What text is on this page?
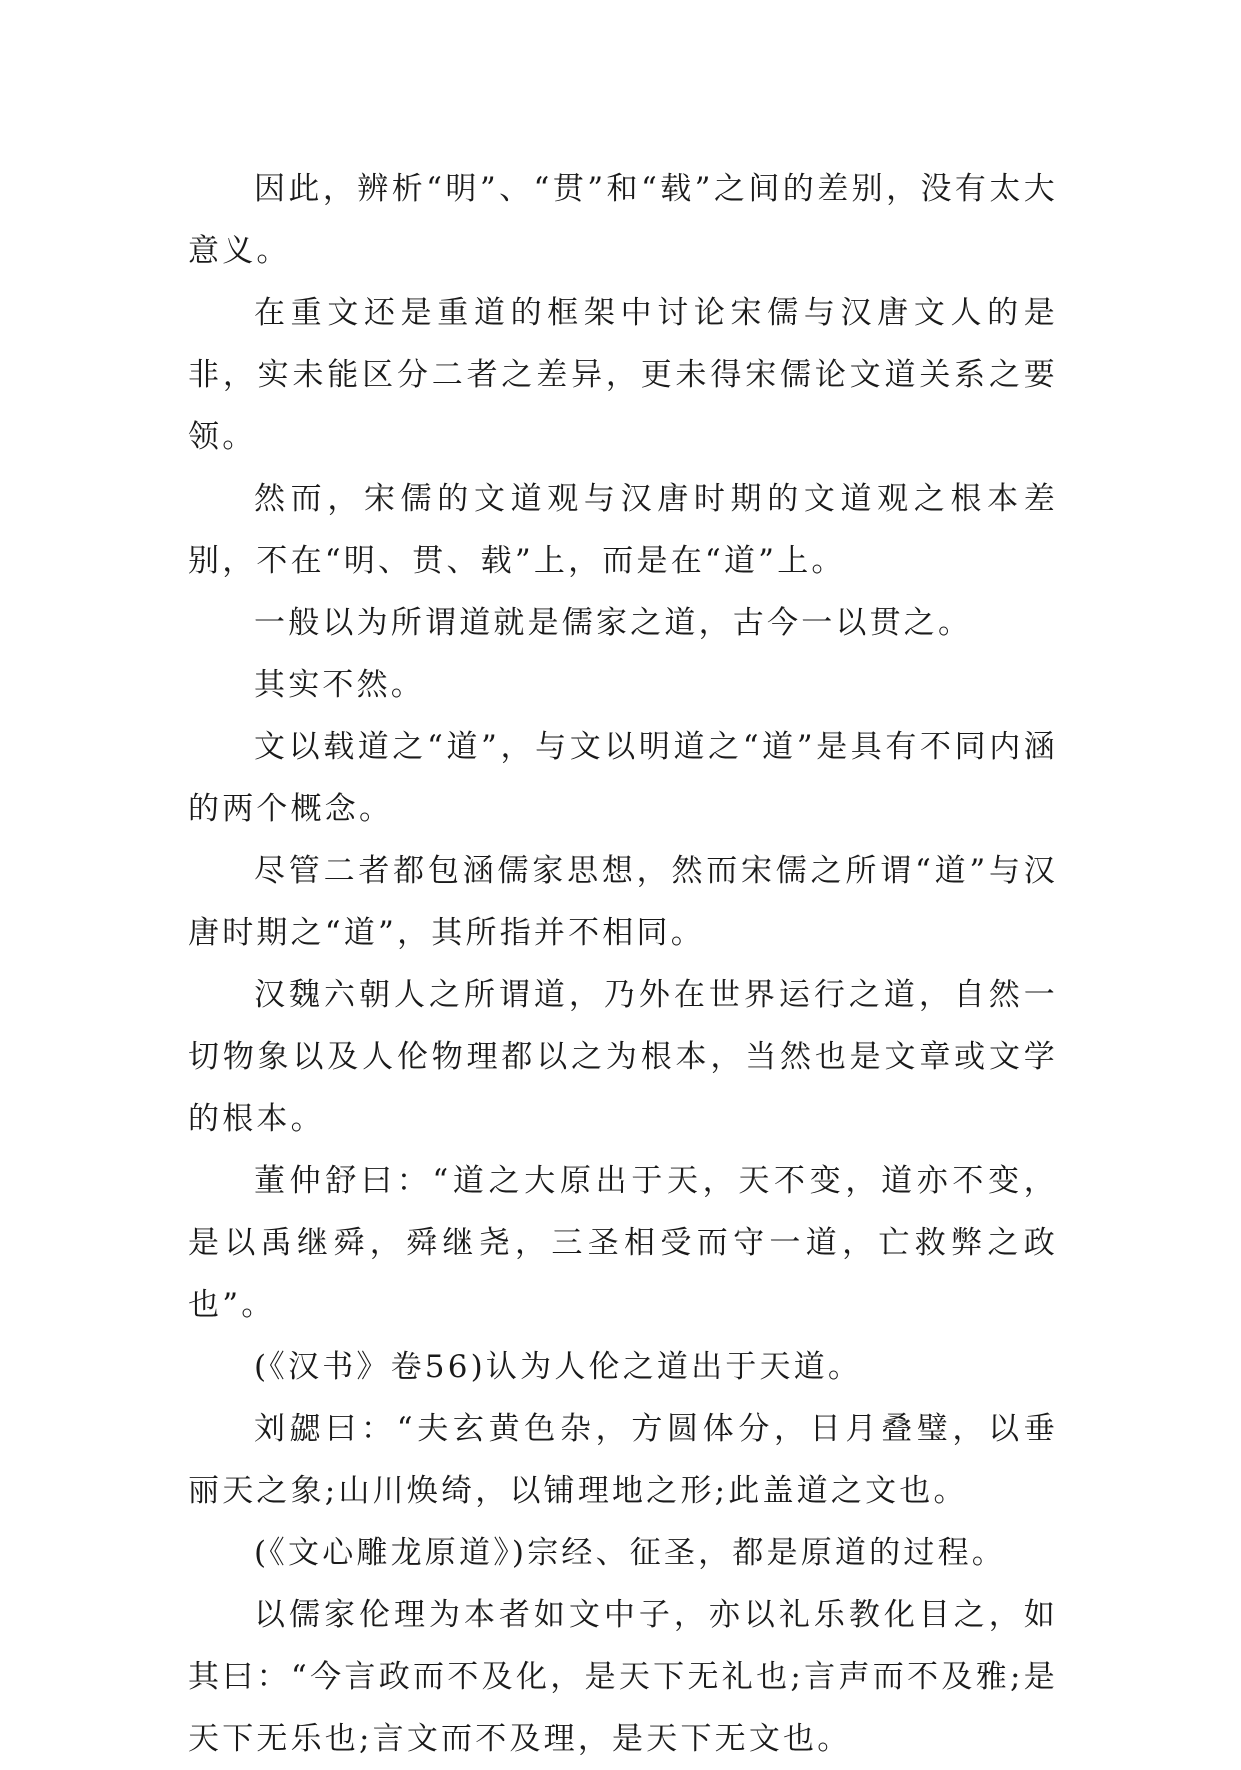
因此，辨析“明”、“贯”和“载”之间的差别，没有太大意义。

在重文还是重道的框架中讨论宋儒与汉唐文人的是非，实未能区分二者之差异，更未得宋儒论文道关系之要领。

然而，宋儒的文道观与汉唐时期的文道观之根本差别，不在“明、贯、载”上，而是在“道”上。

一般以为所谓道就是儒家之道，古今一以贯之。

其实不然。

文以载道之“道”，与文以明道之“道”是具有不同内涵的两个概念。

尽管二者都包涵儒家思想，然而宋儒之所谓“道”与汉唐时期之“道”，其所指并不相同。

汉魏六朝人之所谓道，乃外在世界运行之道，自然一切物象以及人伦物理都以之为根本，当然也是文章或文学的根本。

董仲舒曰：“道之大原出于天，天不变，道亦不变，是以禹继舜，舜继尧，三圣相受而守一道，亡救弊之政也”。

(《汉书》卷56)认为人伦之道出于天道。

刘勰曰：“夫玄黄色杂，方圆体分，日月叠璧，以垂丽天之象;山川焕绮，以铺理地之形;此盖道之文也。

(《文心雕龙原道》)宗经、征圣，都是原道的过程。

以儒家伦理为本者如文中子，亦以礼乐教化目之，如其曰：“今言政而不及化，是天下无礼也;言声而不及雅;是天下无乐也;言文而不及理，是天下无文也。
